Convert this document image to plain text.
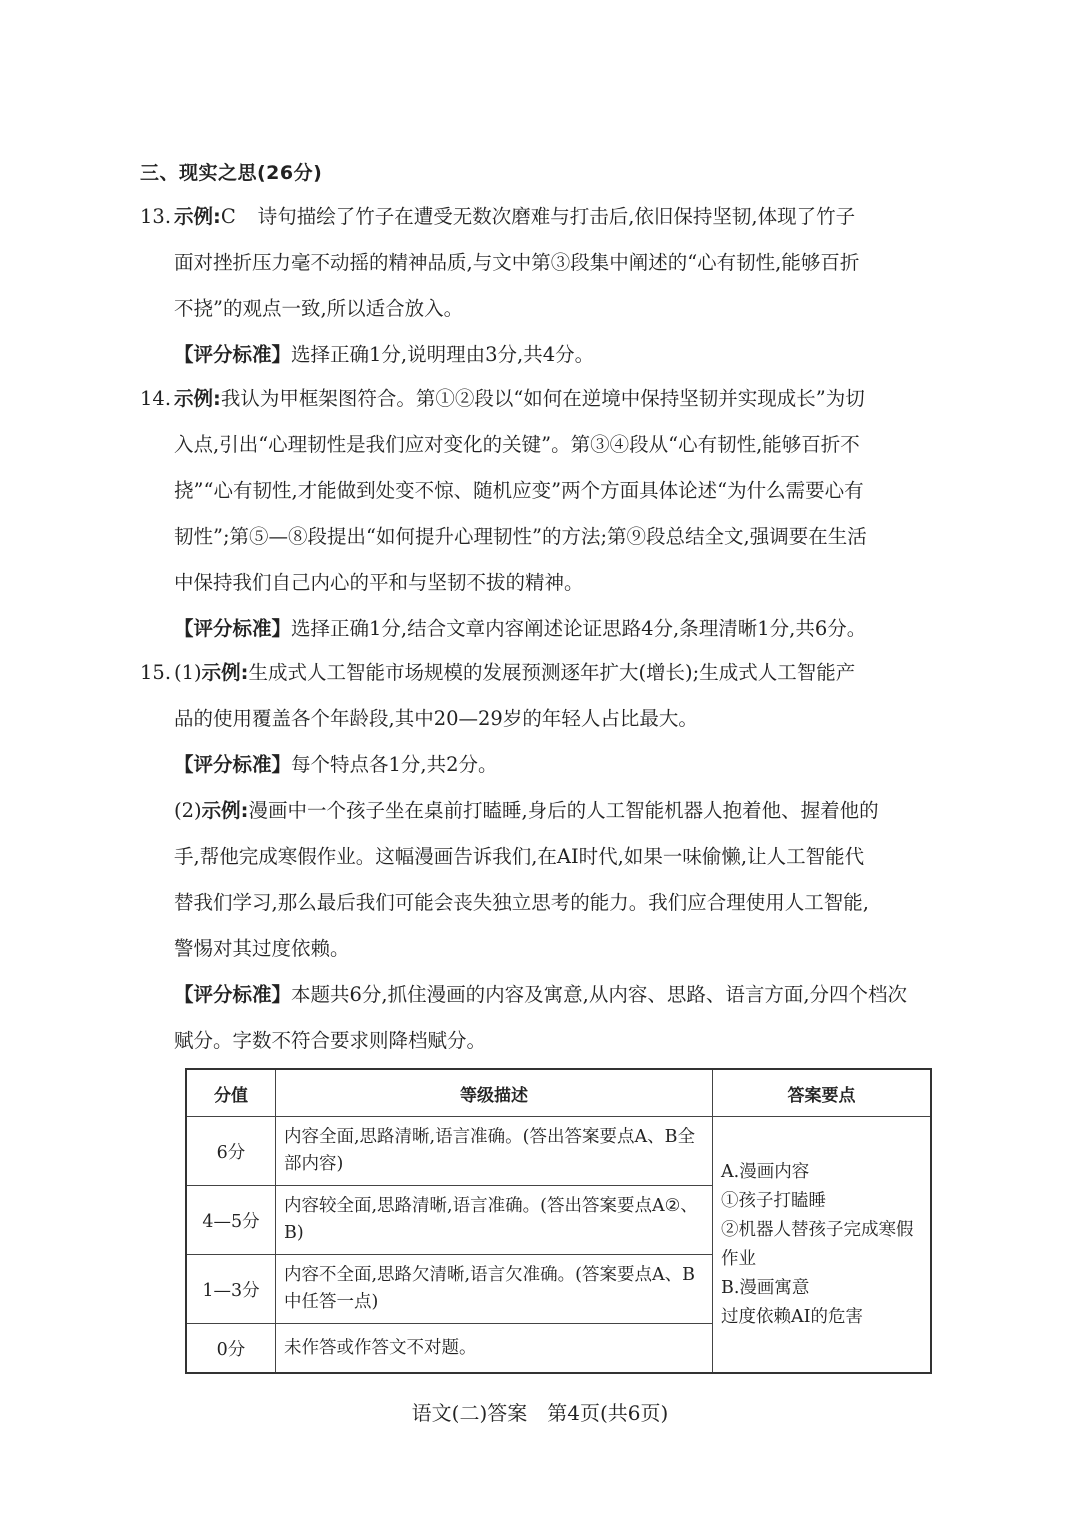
三、现实之思(26分)
13. 示例:C 诗句描绘了竹子在遭受无数次磨难与打击后,依旧保持坚韧,体现了竹子
面对挫折压力毫不动摇的精神品质,与文中第③段集中阐述的“心有韧性,能够百折
不挠”的观点一致,所以适合放入。
【评分标准】选择正确1分,说明理由3分,共4分。
14. 示例:我认为甲框架图符合。第①②段以“如何在逆境中保持坚韧并实现成长”为切
入点,引出“心理韧性是我们应对变化的关键”。第③④段从“心有韧性,能够百折不
挠”“心有韧性,才能做到处变不惊、随机应变”两个方面具体论述“为什么需要心有
韧性”;第⑤—⑧段提出“如何提升心理韧性”的方法;第⑨段总结全文,强调要在生活
中保持我们自己内心的平和与坚韧不拔的精神。
【评分标准】选择正确1分,结合文章内容阐述论证思路4分,条理清晰1分,共6分。
15. (1)示例:生成式人工智能市场规模的发展预测逐年扩大(增长);生成式人工智能产
品的使用覆盖各个年龄段,其中20—29岁的年轻人占比最大。
【评分标准】每个特点各1分,共2分。
(2)示例:漫画中一个孩子坐在桌前打瞌睡,身后的人工智能机器人抱着他、握着他的
手,帮他完成寒假作业。这幅漫画告诉我们,在AI时代,如果一味偷懒,让人工智能代
替我们学习,那么最后我们可能会丧失独立思考的能力。我们应合理使用人工智能,
警惕对其过度依赖。
【评分标准】本题共6分,抓住漫画的内容及寓意,从内容、思路、语言方面,分四个档次
赋分。字数不符合要求则降档赋分。
分值	等级描述	答案要点
6分	内容全面,思路清晰,语言准确。(答出答案要点A、B全部内容)	A.漫画内容
①孩子打瞌睡
②机器人替孩子完成寒假作业
B.漫画寓意
过度依赖AI的危害

4—5分	内容较全面,思路清晰,语言准确。(答出答案要点A②、B)	
1—3分	内容不全面,思路欠清晰,语言欠准确。(答案要点A、B中任答一点)	
0分	未作答或作答文不对题。	
语文(二)答案　第4页(共6页)
